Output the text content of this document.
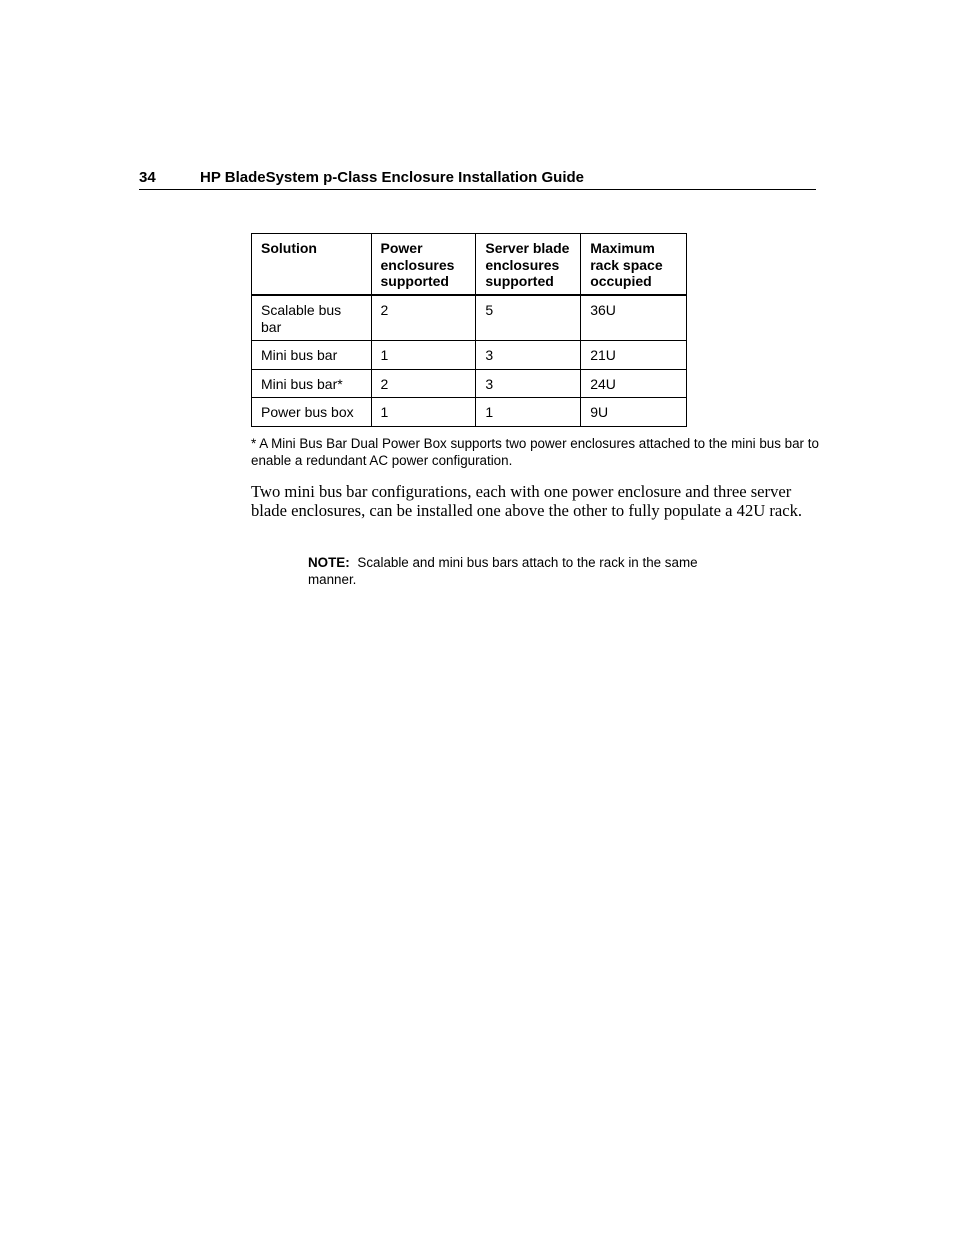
34	HP BladeSystem p-Class Enclosure Installation Guide
Solution	Power enclosures supported	Server blade enclosures supported	Maximum rack space occupied
Scalable bus bar	2	5	36U
Mini bus bar	1	3	21U
Mini bus bar*	2	3	24U
Power bus box	1	1	9U
* A Mini Bus Bar Dual Power Box supports two power enclosures attached to the mini bus bar to enable a redundant AC power configuration.
Two mini bus bar configurations, each with one power enclosure and three server blade enclosures, can be installed one above the other to fully populate a 42U rack.
NOTE: Scalable and mini bus bars attach to the rack in the same manner.
